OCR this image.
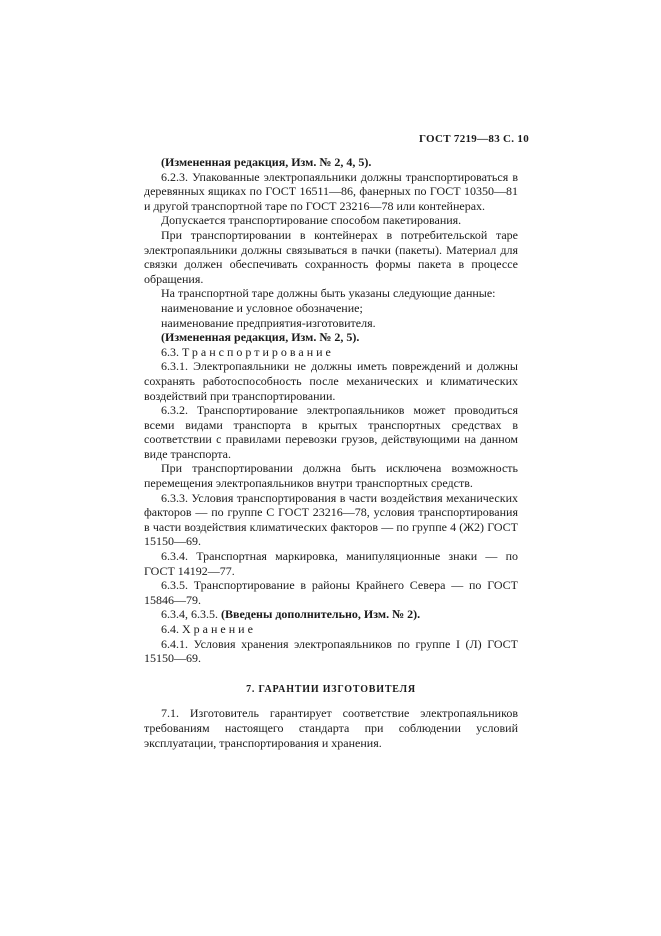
ГОСТ 7219—83 С. 10

(Измененная редакция, Изм. № 2, 4, 5).

6.2.3. Упакованные электропаяльники должны транспортироваться в деревянных ящиках по ГОСТ 16511—86, фанерных по ГОСТ 10350—81 и другой транспортной таре по ГОСТ 23216—78 или контейнерах.

Допускается транспортирование способом пакетирования.

При транспортировании в контейнерах в потребительской таре электропаяльники должны связываться в пачки (пакеты). Материал для связки должен обеспечивать сохранность формы пакета в процессе обращения.

На транспортной таре должны быть указаны следующие данные:

наименование и условное обозначение;

наименование предприятия-изготовителя.

(Измененная редакция, Изм. № 2, 5).

6.3. Транспортирование

6.3.1. Электропаяльники не должны иметь повреждений и должны сохранять работоспособность после механических и климатических воздействий при транспортировании.

6.3.2. Транспортирование электропаяльников может проводиться всеми видами транспорта в крытых транспортных средствах в соответствии с правилами перевозки грузов, действующими на данном виде транспорта.

При транспортировании должна быть исключена возможность перемещения электропаяльников внутри транспортных средств.

6.3.3. Условия транспортирования в части воздействия механических факторов — по группе С ГОСТ 23216—78, условия транспортирования в части воздействия климатических факторов — по группе 4 (Ж2) ГОСТ 15150—69.

6.3.4. Транспортная маркировка, манипуляционные знаки — по ГОСТ 14192—77.

6.3.5. Транспортирование в районы Крайнего Севера — по ГОСТ 15846—79.

6.3.4, 6.3.5. (Введены дополнительно, Изм. № 2).

6.4. Хранение

6.4.1. Условия хранения электропаяльников по группе I (Л) ГОСТ 15150—69.

7. ГАРАНТИИ ИЗГОТОВИТЕЛЯ

7.1. Изготовитель гарантирует соответствие электропаяльников требованиям настоящего стандарта при соблюдении условий эксплуатации, транспортирования и хранения.
